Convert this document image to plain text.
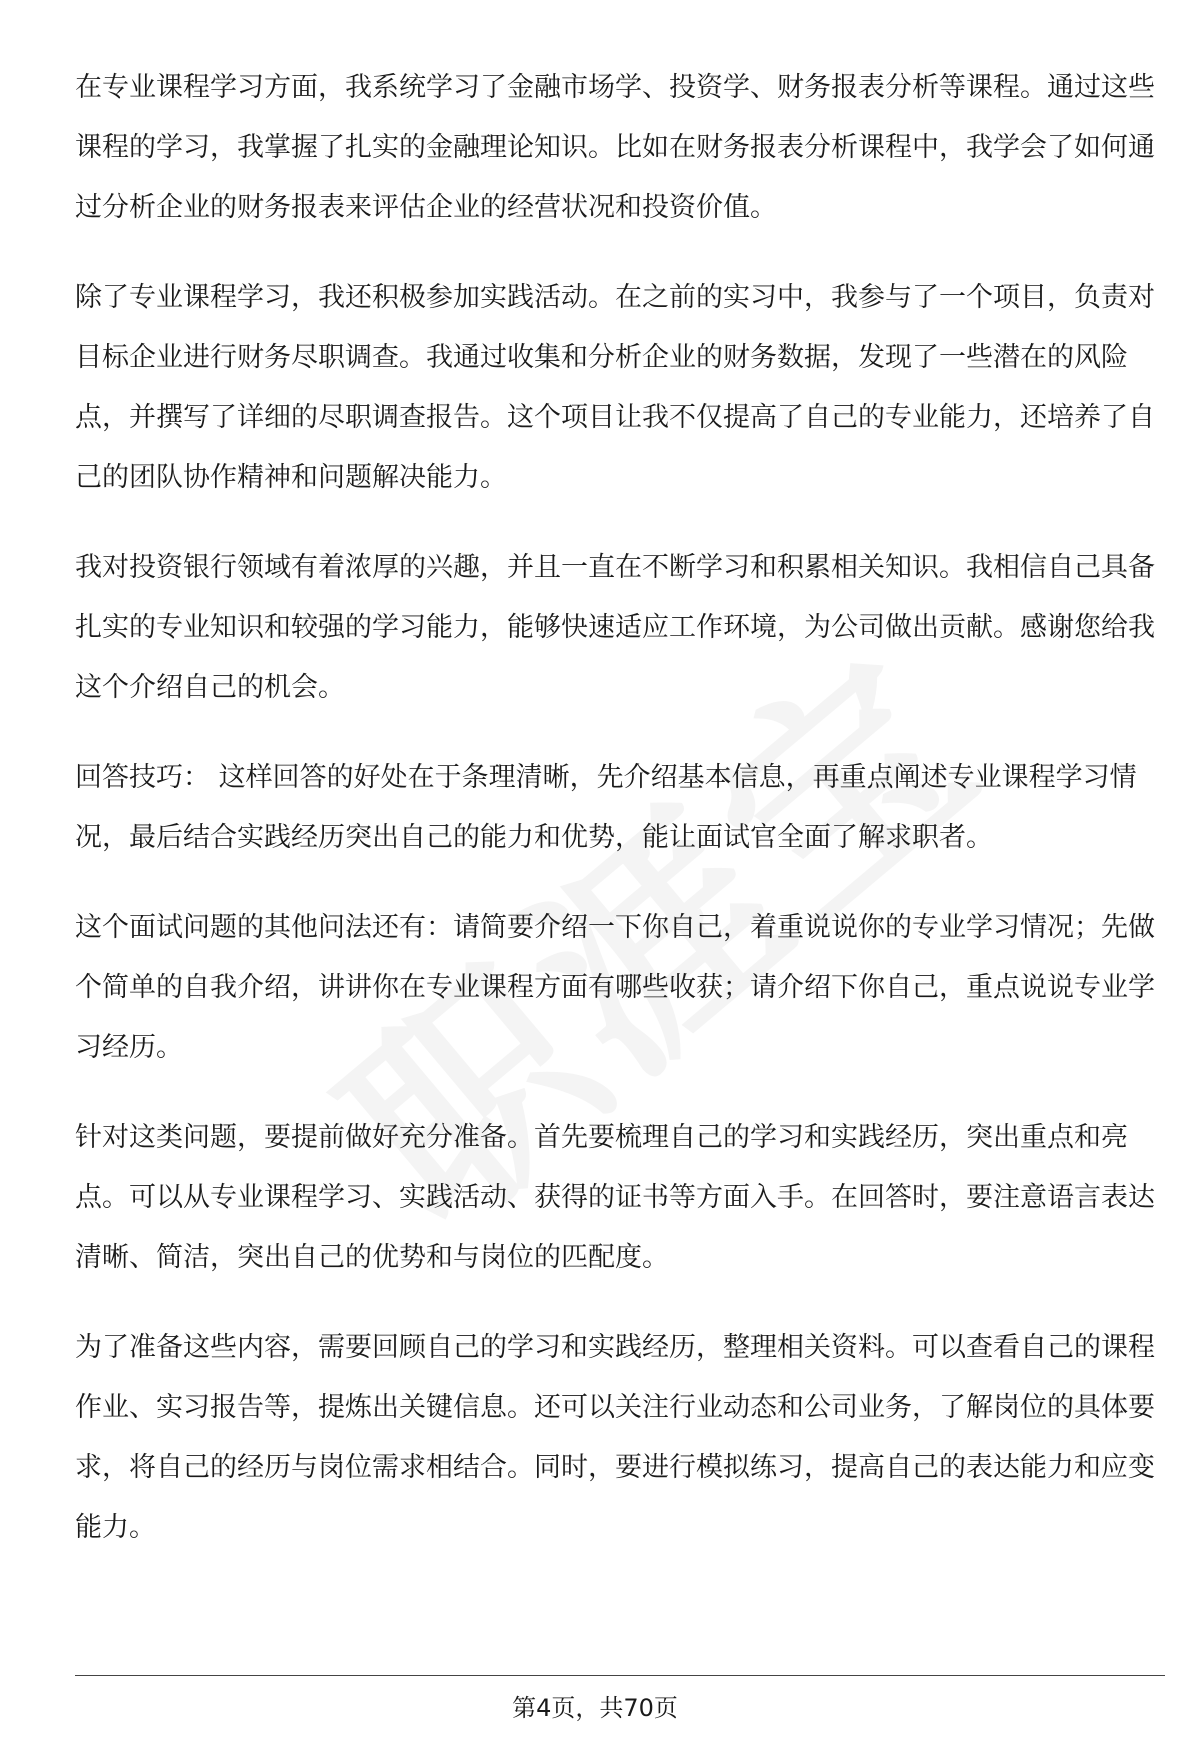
在专业课程学习方面，我系统学习了金融市场学、投资学、财务报表分析等课程。通过这些课程的学习，我掌握了扎实的金融理论知识。比如在财务报表分析课程中，我学会了如何通过分析企业的财务报表来评估企业的经营状况和投资价值。

除了专业课程学习，我还积极参加实践活动。在之前的实习中，我参与了一个项目，负责对目标企业进行财务尽职调查。我通过收集和分析企业的财务数据，发现了一些潜在的风险点，并撰写了详细的尽职调查报告。这个项目让我不仅提高了自己的专业能力，还培养了自己的团队协作精神和问题解决能力。

我对投资银行领域有着浓厚的兴趣，并且一直在不断学习和积累相关知识。我相信自己具备扎实的专业知识和较强的学习能力，能够快速适应工作环境，为公司做出贡献。感谢您给我这个介绍自己的机会。

回答技巧： 这样回答的好处在于条理清晰，先介绍基本信息，再重点阐述专业课程学习情况，最后结合实践经历突出自己的能力和优势，能让面试官全面了解求职者。

这个面试问题的其他问法还有：请简要介绍一下你自己，着重说说你的专业学习情况；先做个简单的自我介绍，讲讲你在专业课程方面有哪些收获；请介绍下你自己，重点说说专业学习经历。

针对这类问题，要提前做好充分准备。首先要梳理自己的学习和实践经历，突出重点和亮点。可以从专业课程学习、实践活动、获得的证书等方面入手。在回答时，要注意语言表达清晰、简洁，突出自己的优势和与岗位的匹配度。

为了准备这些内容，需要回顾自己的学习和实践经历，整理相关资料。可以查看自己的课程作业、实习报告等，提炼出关键信息。还可以关注行业动态和公司业务，了解岗位的具体要求，将自己的经历与岗位需求相结合。同时，要进行模拟练习，提高自己的表达能力和应变能力。

第4页，共70页
